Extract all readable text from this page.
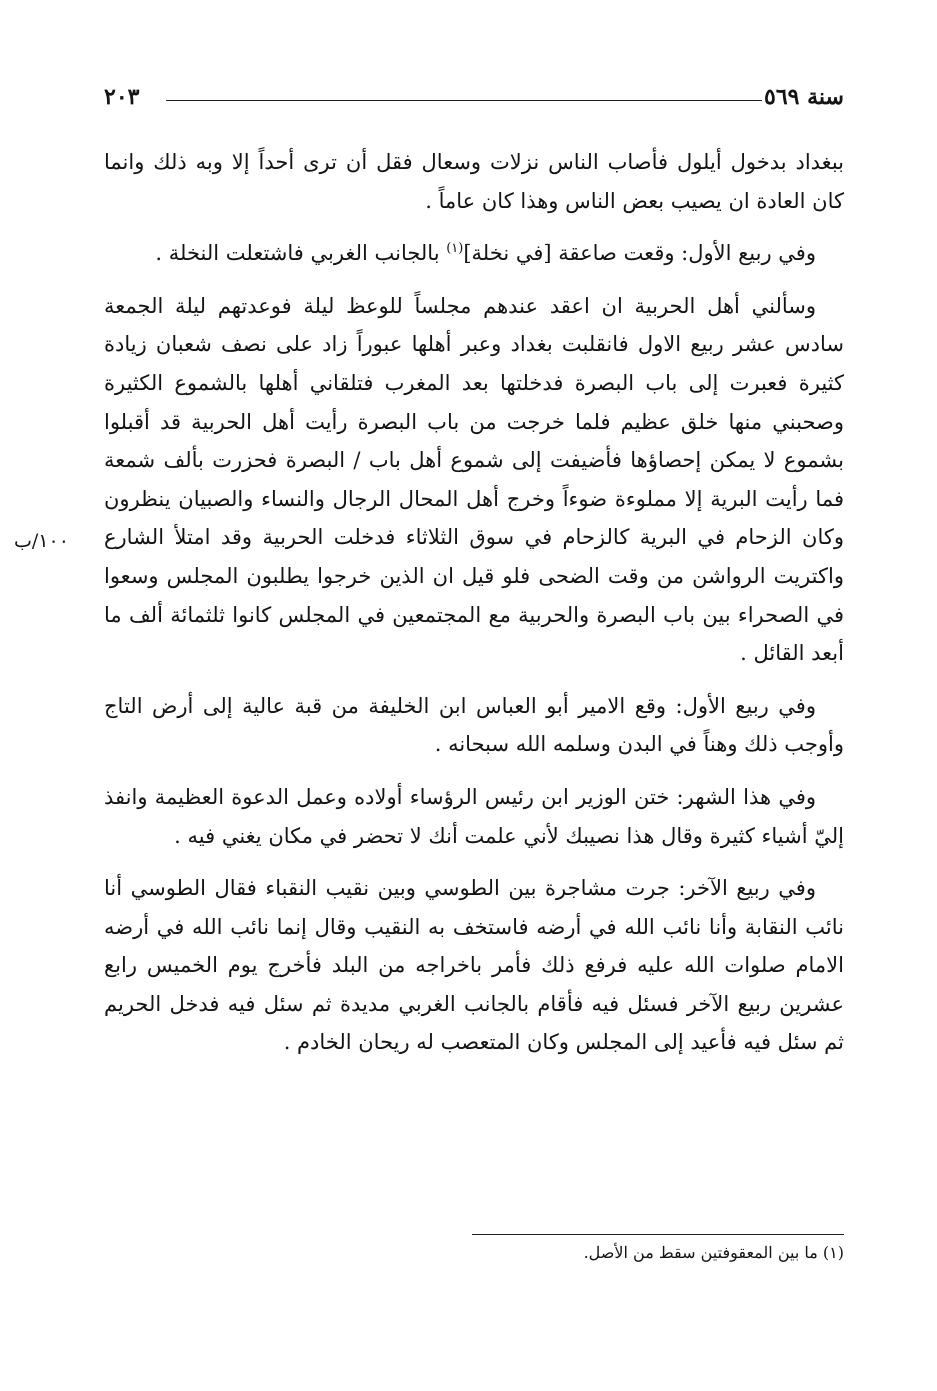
سنة ٥٦٩
٢٠٣
١٠٠/ب

ببغداد بدخول أيلول فأصاب الناس نزلات وسعال فقل أن ترى أحداً إلا وبه ذلك وانما كان العادة ان يصيب بعض الناس وهذا كان عاماً .

وفي ربيع الأول: وقعت صاعقة [في نخلة]$^{(١)}$ بالجانب الغربي فاشتعلت النخلة .

وسألني أهل الحربية ان اعقد عندهم مجلساً للوعظ ليلة فوعدتهم ليلة الجمعة سادس عشر ربيع الاول فانقلبت بغداد وعبر أهلها عبوراً زاد على نصف شعبان زيادة كثيرة فعبرت إلى باب البصرة فدخلتها بعد المغرب فتلقاني أهلها بالشموع الكثيرة وصحبني منها خلق عظيم فلما خرجت من باب البصرة رأيت أهل الحربية قد أقبلوا بشموع لا يمكن إحصاؤها فأضيفت إلى شموع أهل باب / البصرة فحزرت بألف شمعة فما رأيت البرية إلا مملوءة ضوءاً وخرج أهل المحال الرجال والنساء والصبيان ينظرون وكان الزحام في البرية كالزحام في سوق الثلاثاء فدخلت الحربية وقد امتلأ الشارع واكتريت الرواشن من وقت الضحى فلو قيل ان الذين خرجوا يطلبون المجلس وسعوا في الصحراء بين باب البصرة والحربية مع المجتمعين في المجلس كانوا ثلثمائة ألف ما أبعد القائل .

وفي ربيع الأول: وقع الامير أبو العباس ابن الخليفة من قبة عالية إلى أرض التاج وأوجب ذلك وهناً في البدن وسلمه الله سبحانه .

وفي هذا الشهر: ختن الوزير ابن رئيس الرؤساء أولاده وعمل الدعوة العظيمة وانفذ إليّ أشياء كثيرة وقال هذا نصيبك لأني علمت أنك لا تحضر في مكان يغني فيه .

وفي ربيع الآخر: جرت مشاجرة بين الطوسي وبين نقيب النقباء فقال الطوسي أنا نائب النقابة وأنا نائب الله في أرضه فاستخف به النقيب وقال إنما نائب الله في أرضه الامام صلوات الله عليه فرفع ذلك فأمر باخراجه من البلد فأخرج يوم الخميس رابع عشرين ربيع الآخر فسئل فيه فأقام بالجانب الغربي مديدة ثم سئل فيه فدخل الحريم ثم سئل فيه فأعيد إلى المجلس وكان المتعصب له ريحان الخادم .

(١) ما بين المعقوفتين سقط من الأصل.
